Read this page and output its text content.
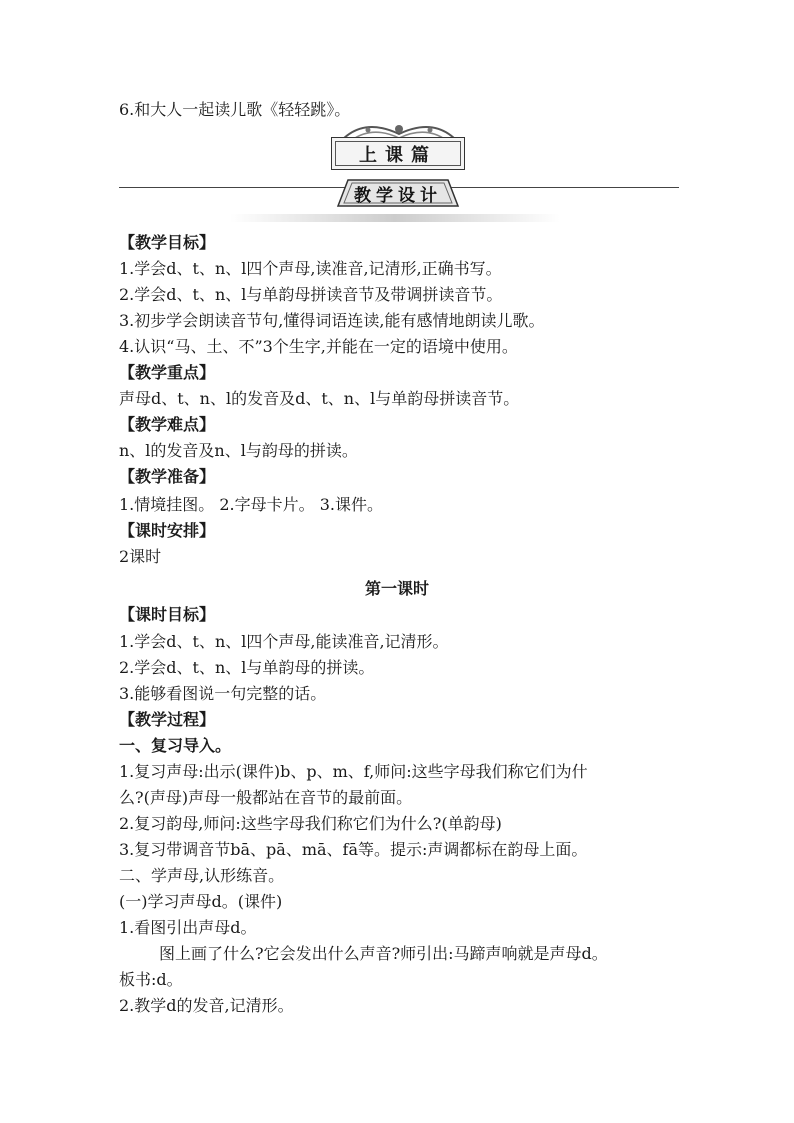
6.和大人一起读儿歌《轻轻跳》。
上课篇
教学设计
【教学目标】
1.学会d、t、n、l四个声母,读准音,记清形,正确书写。
2.学会d、t、n、l与单韵母拼读音节及带调拼读音节。
3.初步学会朗读音节句,懂得词语连读,能有感情地朗读儿歌。
4.认识“马、土、不”3个生字,并能在一定的语境中使用。
【教学重点】
声母d、t、n、l的发音及d、t、n、l与单韵母拼读音节。
【教学难点】
n、l的发音及n、l与韵母的拼读。
【教学准备】
1.情境挂图。 2.字母卡片。 3.课件。
【课时安排】
2课时
第一课时
【课时目标】
1.学会d、t、n、l四个声母,能读准音,记清形。
2.学会d、t、n、l与单韵母的拼读。
3.能够看图说一句完整的话。
【教学过程】
一、复习导入。
1.复习声母:出示(课件)b、p、m、f,师问:这些字母我们称它们为什
么?(声母)声母一般都站在音节的最前面。
2.复习韵母,师问:这些字母我们称它们为什么?(单韵母)
3.复习带调音节bā、pā、mā、fā等。提示:声调都标在韵母上面。
二、学声母,认形练音。
(一)学习声母d。(课件)
1.看图引出声母d。
图上画了什么?它会发出什么声音?师引出:马蹄声响就是声母d。
板书:d。
2.教学d的发音,记清形。
